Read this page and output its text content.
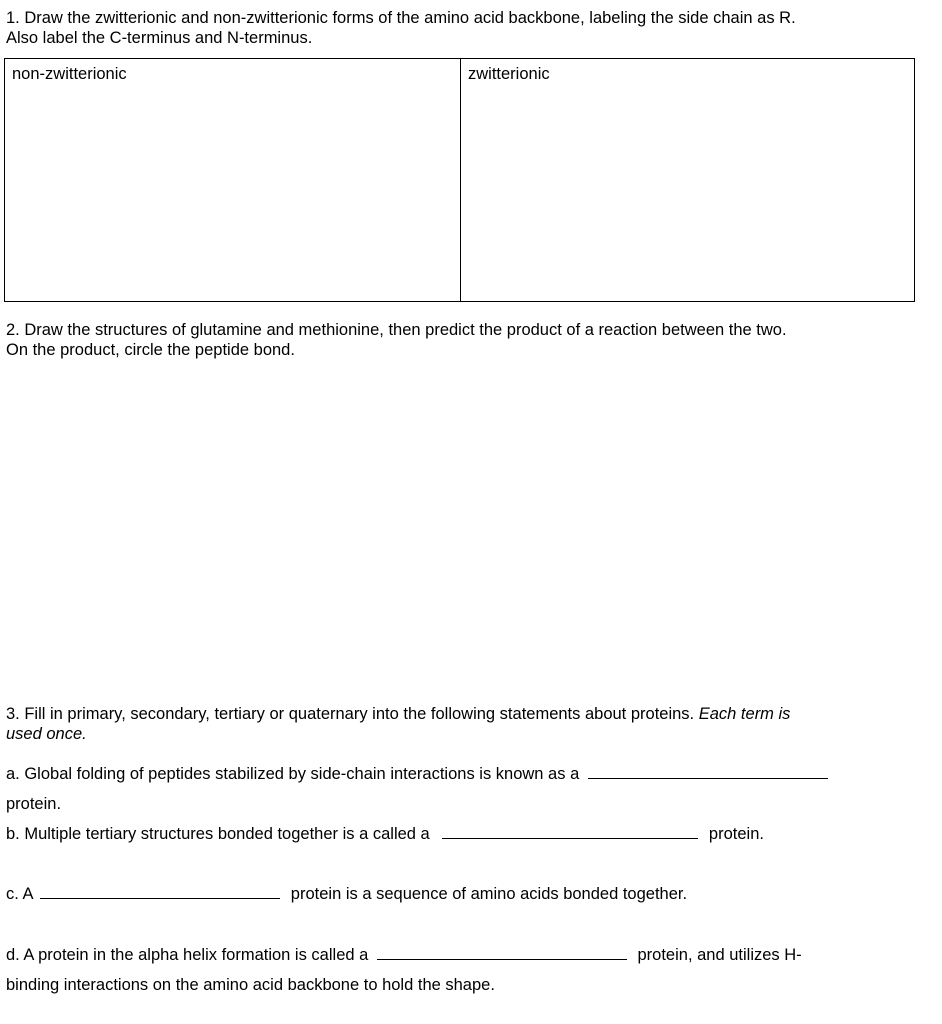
1. Draw the zwitterionic and non-zwitterionic forms of the amino acid backbone, labeling the side chain as R.
Also label the C-terminus and N-terminus.
non-zwitterionic	zwitterionic
2. Draw the structures of glutamine and methionine, then predict the product of a reaction between the two.
On the product, circle the peptide bond.
3. Fill in primary, secondary, tertiary or quaternary into the following statements about proteins. Each term is
used once.
a. Global folding of peptides stabilized by side-chain interactions is known as a
protein.
b. Multiple tertiary structures bonded together is a called a	protein.
c. A	protein is a sequence of amino acids bonded together.
d. A protein in the alpha helix formation is called a	protein, and utilizes H-
binding interactions on the amino acid backbone to hold the shape.
